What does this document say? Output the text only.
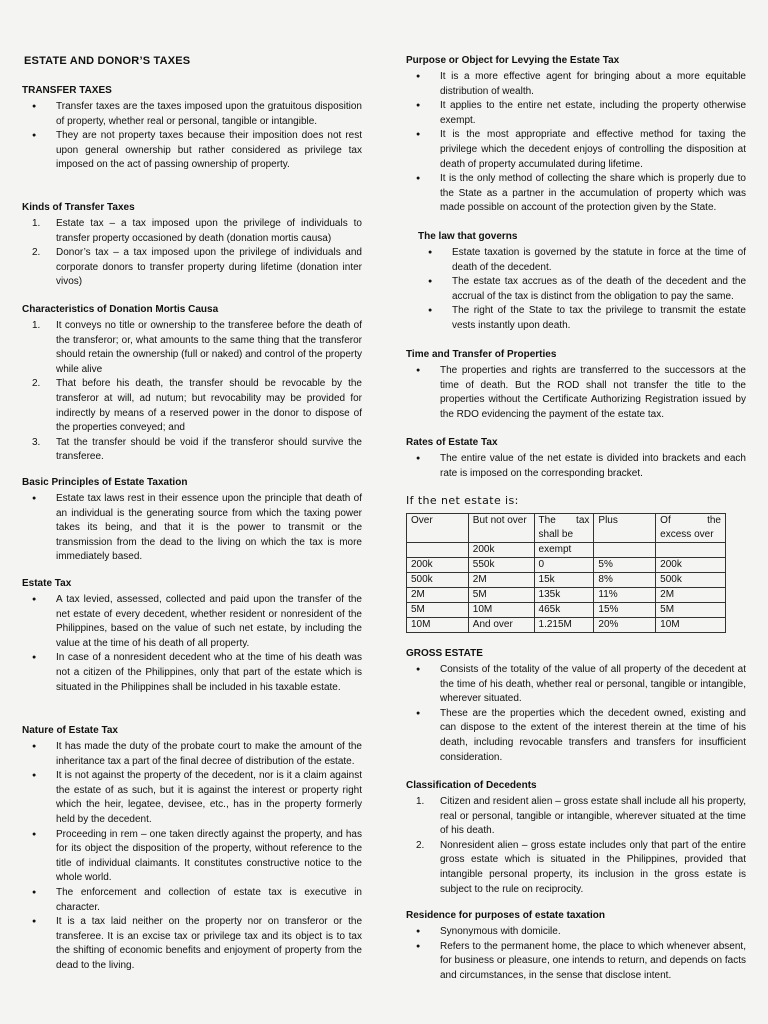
ESTATE AND DONOR’S TAXES
TRANSFER TAXES
● Transfer taxes are the taxes imposed upon the gratuitous disposition of property, whether real or personal, tangible or intangible.
● They are not property taxes because their imposition does not rest upon general ownership but rather considered as privilege tax imposed on the act of passing ownership of property.
Kinds of Transfer Taxes
1. Estate tax – a tax imposed upon the privilege of individuals to transfer property occasioned by death (donation mortis causa)
2. Donor’s tax – a tax imposed upon the privilege of individuals and corporate donors to transfer property during lifetime (donation inter vivos)
Characteristics of Donation Mortis Causa
1. It conveys no title or ownership to the transferee before the death of the transferor; or, what amounts to the same thing that the transferor should retain the ownership (full or naked) and control of the property while alive
2. That before his death, the transfer should be revocable by the transferor at will, ad nutum; but revocability may be provided for indirectly by means of a reserved power in the donor to dispose of the properties conveyed; and
3. Tat the transfer should be void if the transferor should survive the transferee.
Basic Principles of Estate Taxation
● Estate tax laws rest in their essence upon the principle that death of an individual is the generating source from which the taxing power takes its being, and that it is the power to transmit or the transmission from the dead to the living on which the tax is more immediately based.
Estate Tax
● A tax levied, assessed, collected and paid upon the transfer of the net estate of every decedent, whether resident or nonresident of the Philippines, based on the value of such net estate, by including the value at the time of his death of all property.
● In case of a nonresident decedent who at the time of his death was not a citizen of the Philippines, only that part of the estate which is situated in the Philippines shall be included in his taxable estate.
Nature of Estate Tax
● It has made the duty of the probate court to make the amount of the inheritance tax a part of the final decree of distribution of the estate.
● It is not against the property of the decedent, nor is it a claim against the estate of as such, but it is against the interest or property right which the heir, legatee, devisee, etc., has in the property formerly held by the decedent.
● Proceeding in rem – one taken directly against the property, and has for its object the disposition of the property, without reference to the title of individual claimants. It constitutes constructive notice to the whole world.
● The enforcement and collection of estate tax is executive in character.
● It is a tax laid neither on the property nor on transferor or the transferee. It is an excise tax or privilege tax and its object is to tax the shifting of economic benefits and enjoyment of property from the dead to the living.
Purpose or Object for Levying the Estate Tax
● It is a more effective agent for bringing about a more equitable distribution of wealth.
● It applies to the entire net estate, including the property otherwise exempt.
● It is the most appropriate and effective method for taxing the privilege which the decedent enjoys of controlling the disposition at death of property accumulated during lifetime.
● It is the only method of collecting the share which is properly due to the State as a partner in the accumulation of property which was made possible on account of the protection given by the State.
The law that governs
● Estate taxation is governed by the statute in force at the time of death of the decedent.
● The estate tax accrues as of the death of the decedent and the accrual of the tax is distinct from the obligation to pay the same.
● The right of the State to tax the privilege to transmit the estate vests instantly upon death.
Time and Transfer of Properties
● The properties and rights are transferred to the successors at the time of death. But the ROD shall not transfer the title to the properties without the Certificate Authorizing Registration issued by the RDO evidencing the payment of the estate tax.
Rates of Estate Tax
● The entire value of the net estate is divided into brackets and each rate is imposed on the corresponding bracket.
If the net estate is:
Over	But not over	The tax shall be	Plus	Of the excess over
	200k	exempt		
200k	550k	0	5%	200k
500k	2M	15k	8%	500k
2M	5M	135k	11%	2M
5M	10M	465k	15%	5M
10M	And over	1.215M	20%	10M
GROSS ESTATE
● Consists of the totality of the value of all property of the decedent at the time of his death, whether real or personal, tangible or intangible, wherever situated.
● These are the properties which the decedent owned, existing and can dispose to the extent of the interest therein at the time of his death, including revocable transfers and transfers for insufficient consideration.
Classification of Decedents
1. Citizen and resident alien – gross estate shall include all his property, real or personal, tangible or intangible, wherever situated at the time of his death.
2. Nonresident alien – gross estate includes only that part of the entire gross estate which is situated in the Philippines, provided that intangible personal property, its inclusion in the gross estate is subject to the rule on reciprocity.
Residence for purposes of estate taxation
● Synonymous with domicile.
● Refers to the permanent home, the place to which whenever absent, for business or pleasure, one intends to return, and depends on facts and circumstances, in the sense that disclose intent.
